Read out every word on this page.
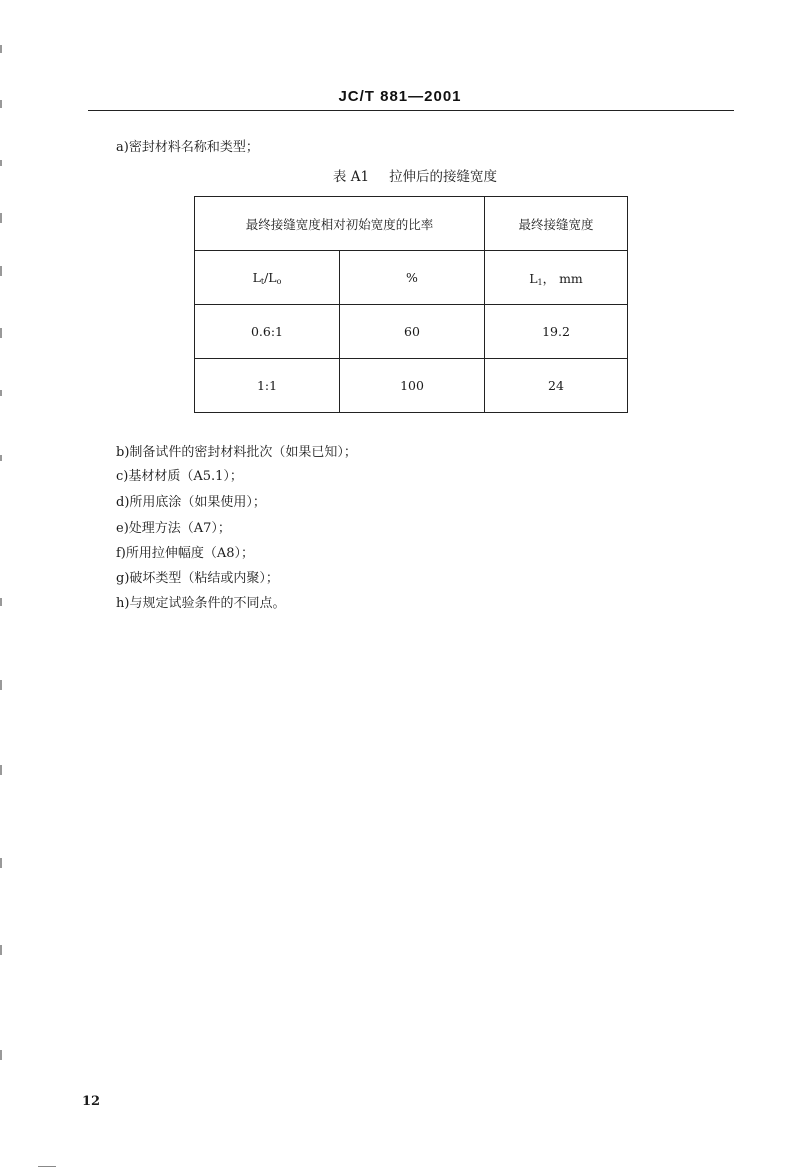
JC/T 881—2001
a)密封材料名称和类型；
表 A1 拉伸后的接缝宽度
最终接缝宽度相对初始宽度的比率		最终接缝宽度
$L_t/L_o$	%	$L_1$， mm
0.6:1	60	19.2
1:1	100	24
b)制备试件的密封材料批次（如果已知）；
c)基材材质（A5.1）；
d)所用底涂（如果使用）；
e)处理方法（A7）；
f)所用拉伸幅度（A8）；
g)破坏类型（粘结或内聚）；
h)与规定试验条件的不同点。
12
